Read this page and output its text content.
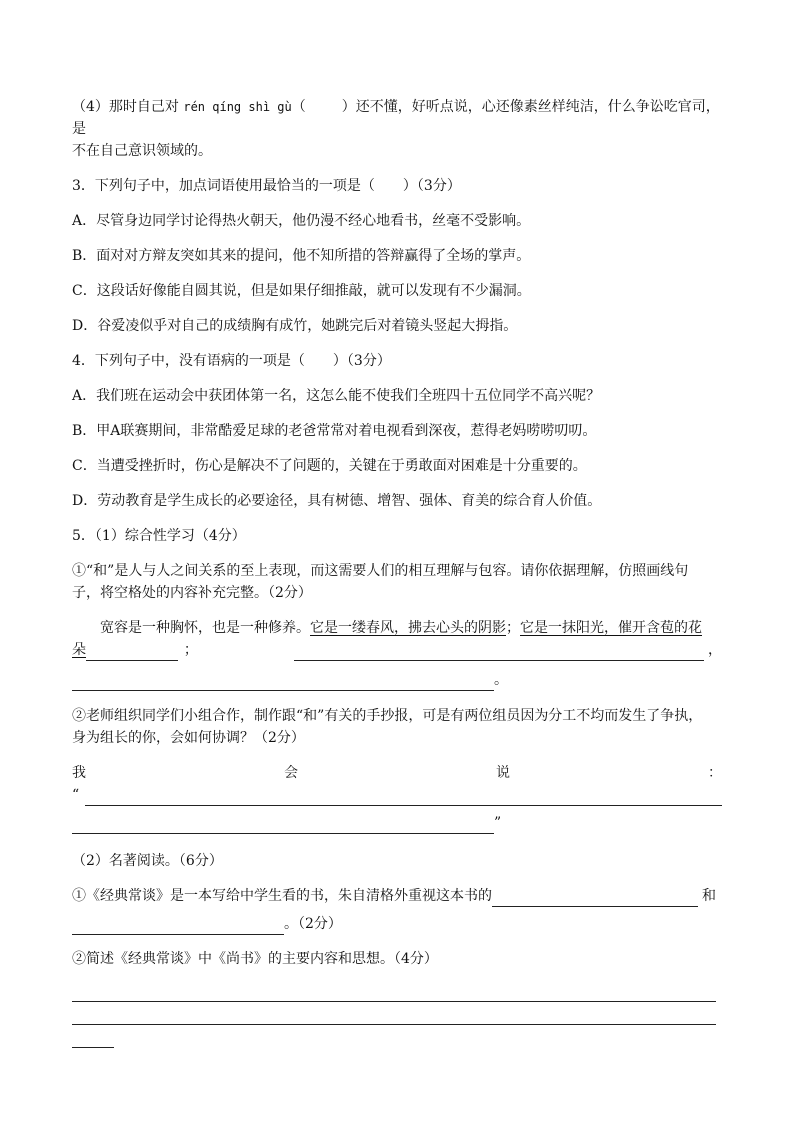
（4）那时自己对 rén qíng shì gù（	）还不懂，好听点说，心还像素丝样纯洁，什么争讼吃官司，是
不在自己意识领域的。

3．下列句子中，加点词语使用最恰当的一项是（　　）（3分）

A．尽管身边同学讨论得热火朝天，他仍漫不经心地看书，丝毫不受影响。

B．面对对方辩友突如其来的提问，他不知所措的答辩赢得了全场的掌声。

C．这段话好像能自圆其说，但是如果仔细推敲，就可以发现有不少漏洞。

D．谷爱凌似乎对自己的成绩胸有成竹，她跳完后对着镜头竖起大拇指。

4．下列句子中，没有语病的一项是（　　）（3分）

A．我们班在运动会中获团体第一名，这怎么能不使我们全班四十五位同学不高兴呢？

B．甲A联赛期间，非常酷爱足球的老爸常常对着电视看到深夜，惹得老妈唠唠叨叨。

C．当遭受挫折时，伤心是解决不了问题的，关键在于勇敢面对困难是十分重要的。

D．劳动教育是学生成长的必要途径，具有树德、增智、强体、育美的综合育人价值。

5．（1）综合性学习（4分）

①“和”是人与人之间关系的至上表现，而这需要人们的相互理解与包容。请你依据理解，仿照画线句
子，将空格处的内容补充完整。（2分）

宽容是一种胸怀，也是一种修养。它是一缕春风，拂去心头的阴影；它是一抹阳光，催开含苞的花
朵	；	，
。

②老师组织同学们小组合作，制作跟“和”有关的手抄报，可是有两位组员因为分工不均而发生了争执，
身为组长的你，会如何协调？（2分）

我	会	说	：
“
”

（2）名著阅读。（6分）

①《经典常谈》是一本写给中学生看的书，朱自清格外重视这本书的	和
。（2分）

②简述《经典常谈》中《尚书》的主要内容和思想。（4分）
